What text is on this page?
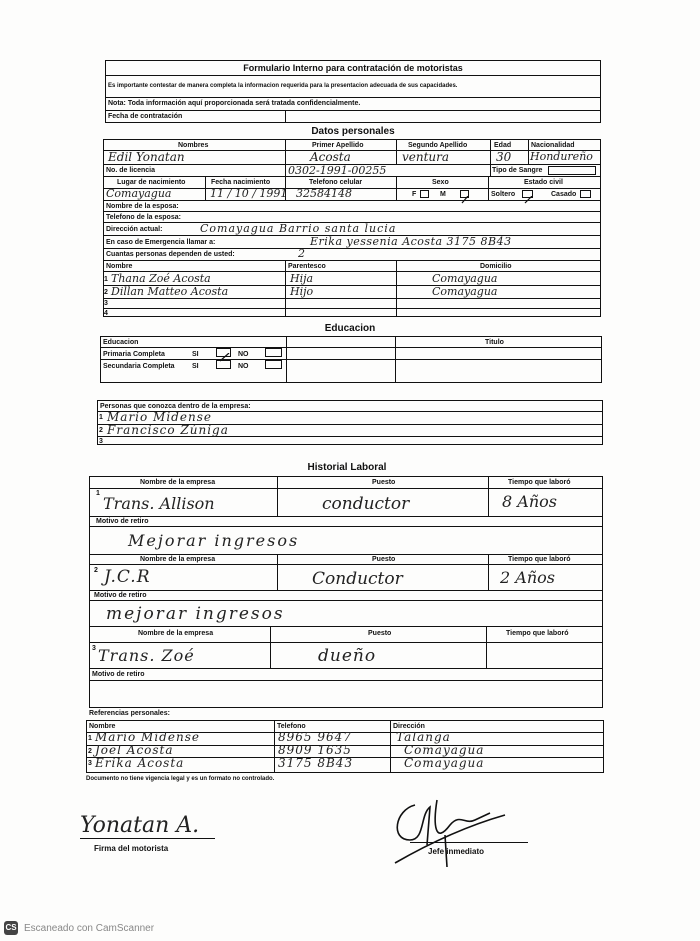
Formulario Interno para contratación de motoristas
Es importante contestar de manera completa la informacion requerida para la presentacion adecuada de sus capacidades.
Nota: Toda información aquí proporcionada será tratada confidencialmente.
Fecha de contratación
Datos personales
Nombres	Primer Apellido	Segundo Apellido	Edad	Nacionalidad
Edil Yonatan	Acosta	ventura	30 Hondureño
No. de licencia	0302-1991-00255	Tipo de Sangre
Lugar de nacimiento	Fecha nacimiento	Telefono celular	Sexo	Estado civil
Comayagua	11 / 10 / 1991 32584148	F	M	Soltero	Casado
Nombre de la esposa:
Telefono de la esposa:
Dirección actual:	Comayagua Barrio santa lucia
En caso de Emergencia llamar a:	Erika yessenia Acosta 3175 8B43
Cuantas personas dependen de usted:	2
Nombre	Parentesco	Domicilio
1 Thana Zoé Acosta	Hija	Comayagua
2 Dillan Matteo Acosta	Hijo	Comayagua
3
4
Educacion
Educacion	Titulo
Primaria Completa	SI	NO
Secundaria Completa SI	NO
Personas que conozca dentro de la empresa:
1 Mario Midense
2 Francisco Zúniga
3
Historial Laboral
Nombre de la empresa	Puesto	Tiempo que laboró
1
Trans. Allison	conductor	8 Años
Motivo de retiro
Mejorar ingresos
Nombre de la empresa	Puesto	Tiempo que laboró
2 J.C.R	Conductor	2 Años
Motivo de retiro
mejorar ingresos
Nombre de la empresa	Puesto	Tiempo que laboró
3 Trans. Zoé	dueño
Motivo de retiro
Referencias personales:
Nombre	Telefono	Dirección
1 Mario Midense	8965 9647	Talanga
2 Joel Acosta	8909 1635	Comayagua
3 Erika Acosta	3175 8B43	Comayagua
Documento no tiene vigencia legal y es un formato no controlado.
Yonatan A.
Firma del motorista	Jefe inmediato
CS Escaneado con CamScanner
